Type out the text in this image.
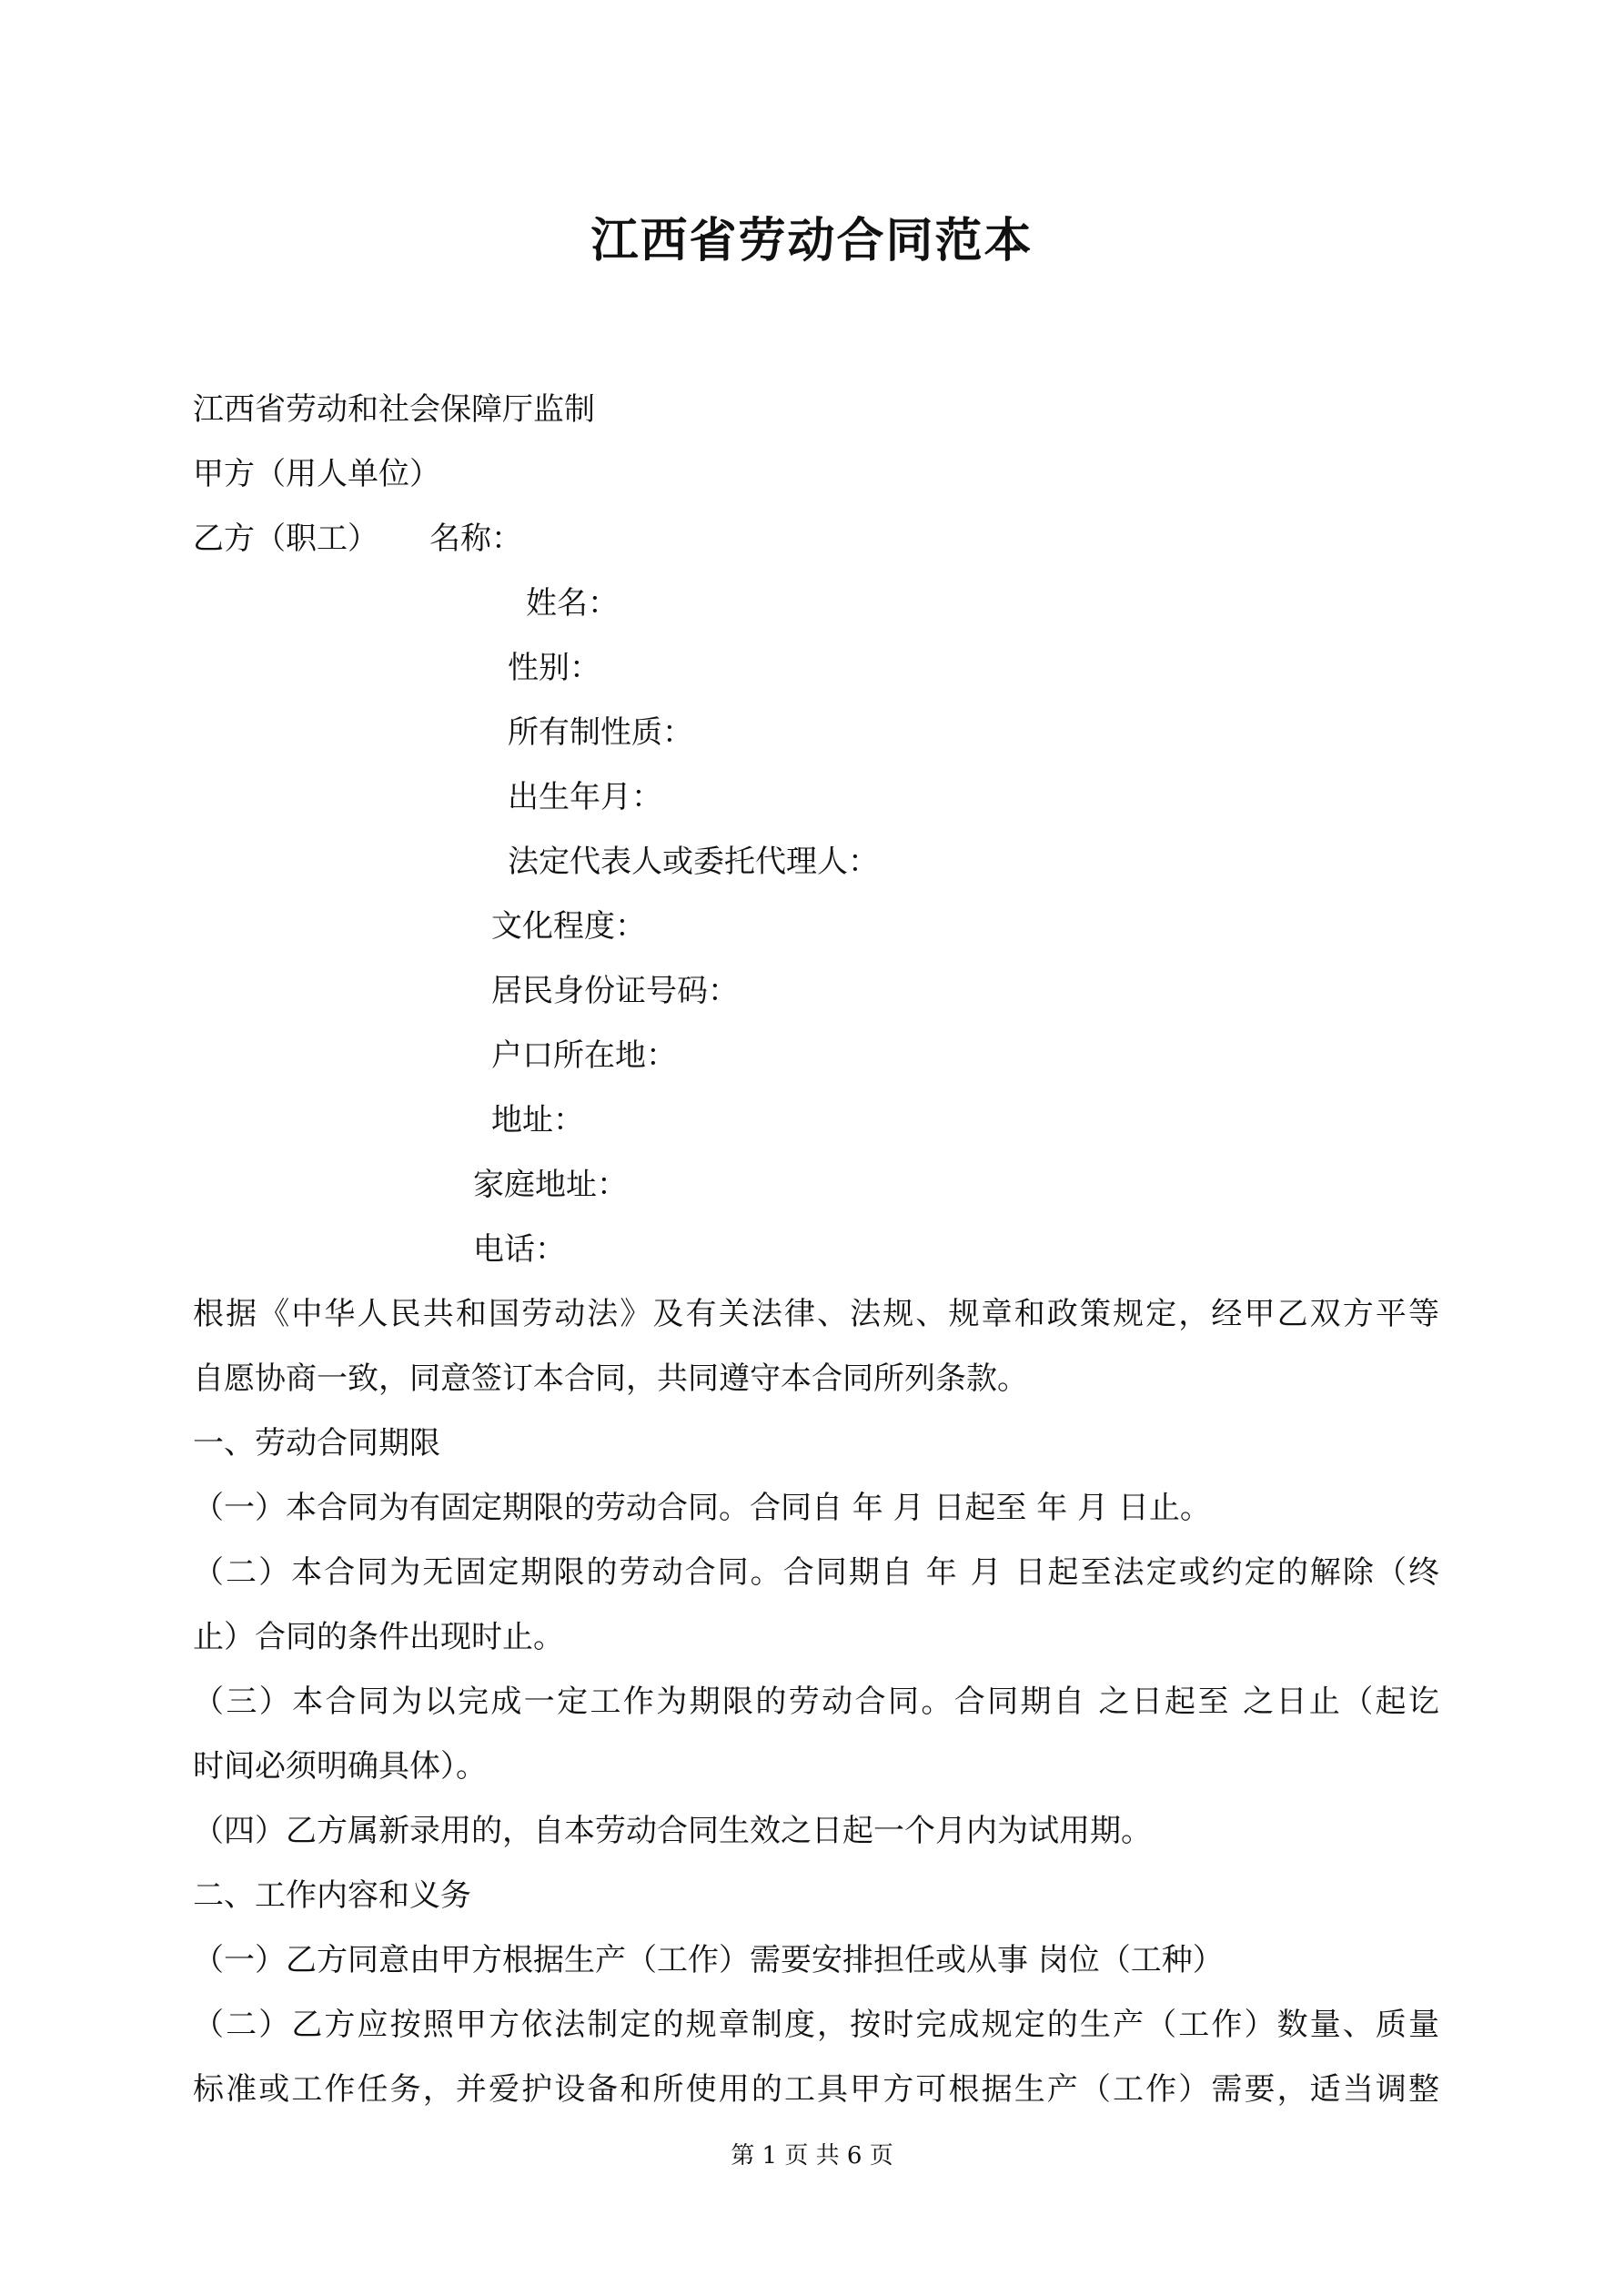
江西省劳动合同范本

江西省劳动和社会保障厅监制

甲方（用人单位）

乙方（职工） 名称：

姓名：

性别：

所有制性质：

出生年月：

法定代表人或委托代理人：

文化程度：

居民身份证号码：

户口所在地：

地址：

家庭地址：

电话：

根据《中华人民共和国劳动法》及有关法律、法规、规章和政策规定，经甲乙双方平等

自愿协商一致，同意签订本合同，共同遵守本合同所列条款。

一、劳动合同期限

（一）本合同为有固定期限的劳动合同。合同自 年 月 日起至 年 月 日止。

（二）本合同为无固定期限的劳动合同。合同期自 年 月 日起至法定或约定的解除（终

止）合同的条件出现时止。

（三）本合同为以完成一定工作为期限的劳动合同。合同期自 之日起至 之日止（起讫

时间必须明确具体）。

（四）乙方属新录用的，自本劳动合同生效之日起一个月内为试用期。

二、工作内容和义务

（一）乙方同意由甲方根据生产（工作）需要安排担任或从事 岗位（工种）

（二）乙方应按照甲方依法制定的规章制度，按时完成规定的生产（工作）数量、质量

标准或工作任务，并爱护设备和所使用的工具甲方可根据生产（工作）需要，适当调整

第 1 页 共 6 页
